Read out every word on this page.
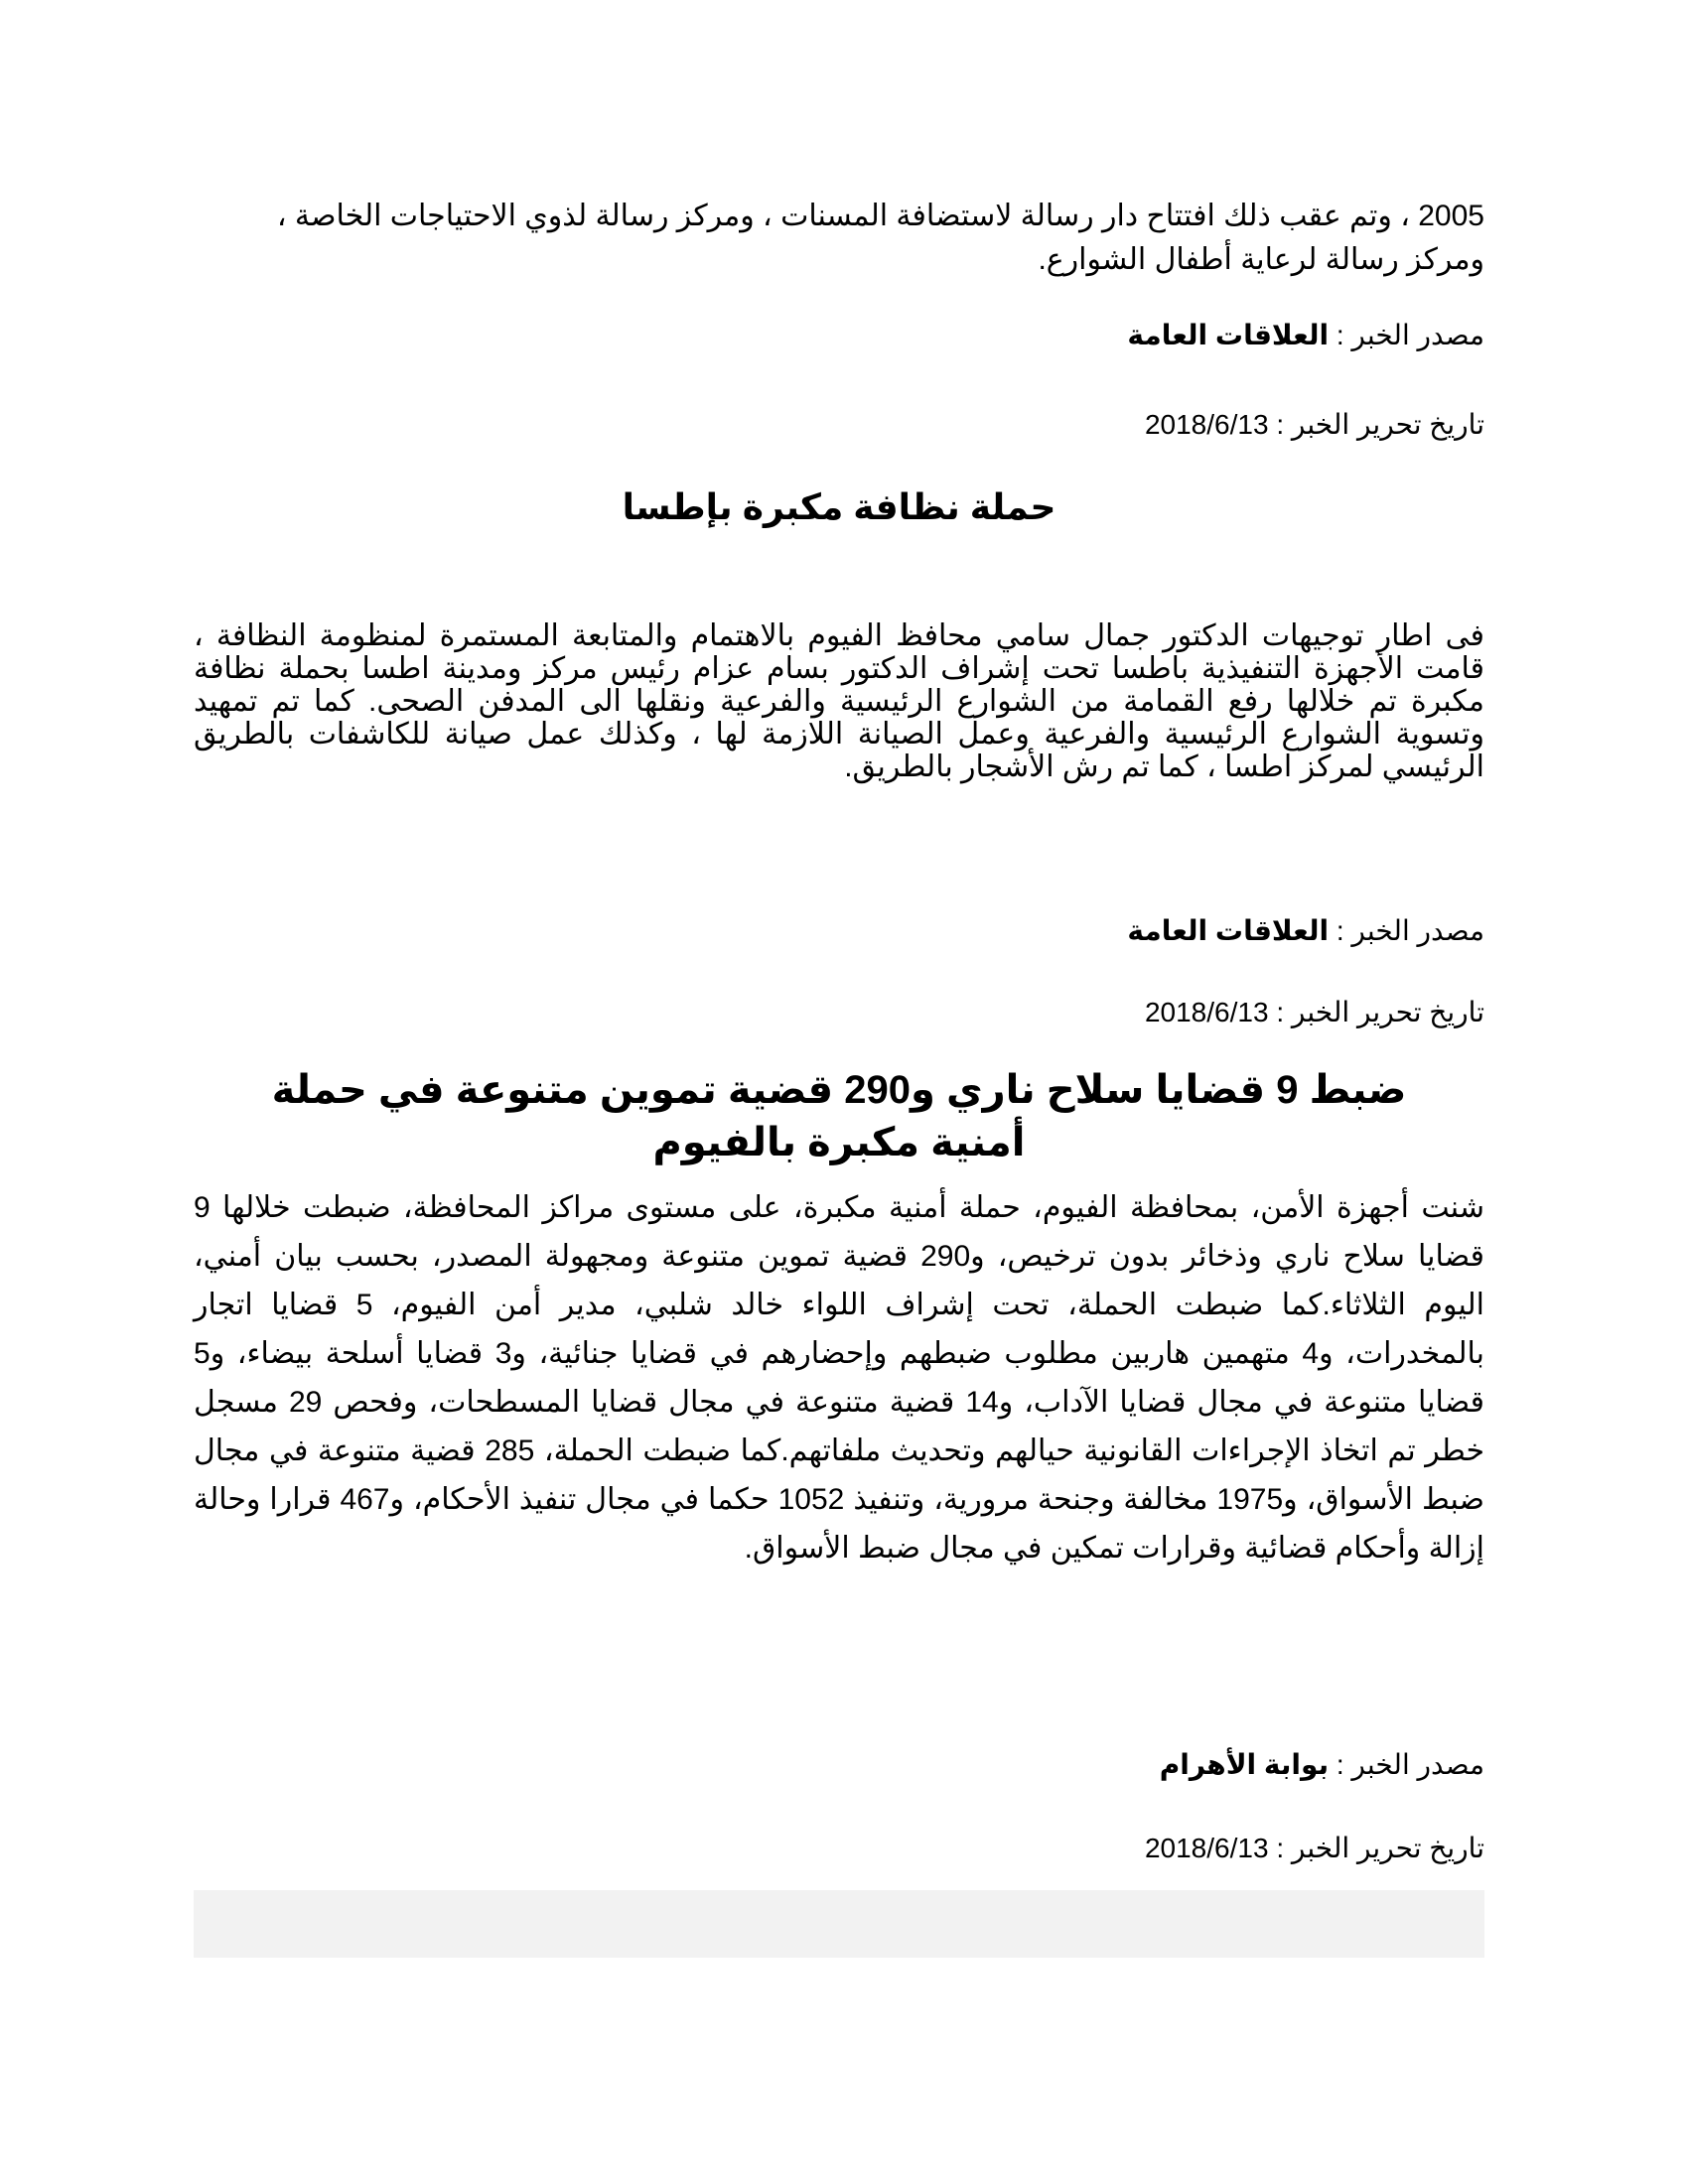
2005 ، وتم عقب ذلك افتتاح دار رسالة لاستضافة المسنات ، ومركز رسالة لذوي الاحتياجات الخاصة ، ومركز رسالة لرعاية أطفال الشوارع.

مصدر الخبر : العلاقات العامة
تاريخ تحرير الخبر : 2018/6/13
حملة نظافة مكبرة بإطسا

فى اطار توجيهات الدكتور جمال سامي محافظ الفيوم بالاهتمام والمتابعة المستمرة لمنظومة النظافة ، قامت الأجهزة التنفيذية باطسا تحت إشراف الدكتور بسام عزام رئيس مركز ومدينة اطسا بحملة نظافة مكبرة تم خلالها رفع القمامة من الشوارع الرئيسية والفرعية ونقلها الى المدفن الصحى. كما تم تمهيد وتسوية الشوارع الرئيسية والفرعية وعمل الصيانة اللازمة لها ، وكذلك عمل صيانة للكاشفات بالطريق الرئيسي لمركز اطسا ، كما تم رش الأشجار بالطريق.

مصدر الخبر : العلاقات العامة
تاريخ تحرير الخبر : 2018/6/13
ضبط 9 قضايا سلاح ناري و290 قضية تموين متنوعة في حملة أمنية مكبرة بالفيوم

شنت أجهزة الأمن، بمحافظة الفيوم، حملة أمنية مكبرة، على مستوى مراكز المحافظة، ضبطت خلالها 9 قضايا سلاح ناري وذخائر بدون ترخيص، و290 قضية تموين متنوعة ومجهولة المصدر، بحسب بيان أمني، اليوم الثلاثاء.كما ضبطت الحملة، تحت إشراف اللواء خالد شلبي، مدير أمن الفيوم، 5 قضايا اتجار بالمخدرات، و4 متهمين هاربين مطلوب ضبطهم وإحضارهم في قضايا جنائية، و3 قضايا أسلحة بيضاء، و5 قضايا متنوعة في مجال قضايا الآداب، و14 قضية متنوعة في مجال قضايا المسطحات، وفحص 29 مسجل خطر تم اتخاذ الإجراءات القانونية حيالهم وتحديث ملفاتهم.كما ضبطت الحملة، 285 قضية متنوعة في مجال ضبط الأسواق، و1975 مخالفة وجنحة مرورية، وتنفيذ 1052 حكما في مجال تنفيذ الأحكام، و467 قرارا وحالة إزالة وأحكام قضائية وقرارات تمكين في مجال ضبط الأسواق.

مصدر الخبر : بوابة الأهرام
تاريخ تحرير الخبر : 2018/6/13
